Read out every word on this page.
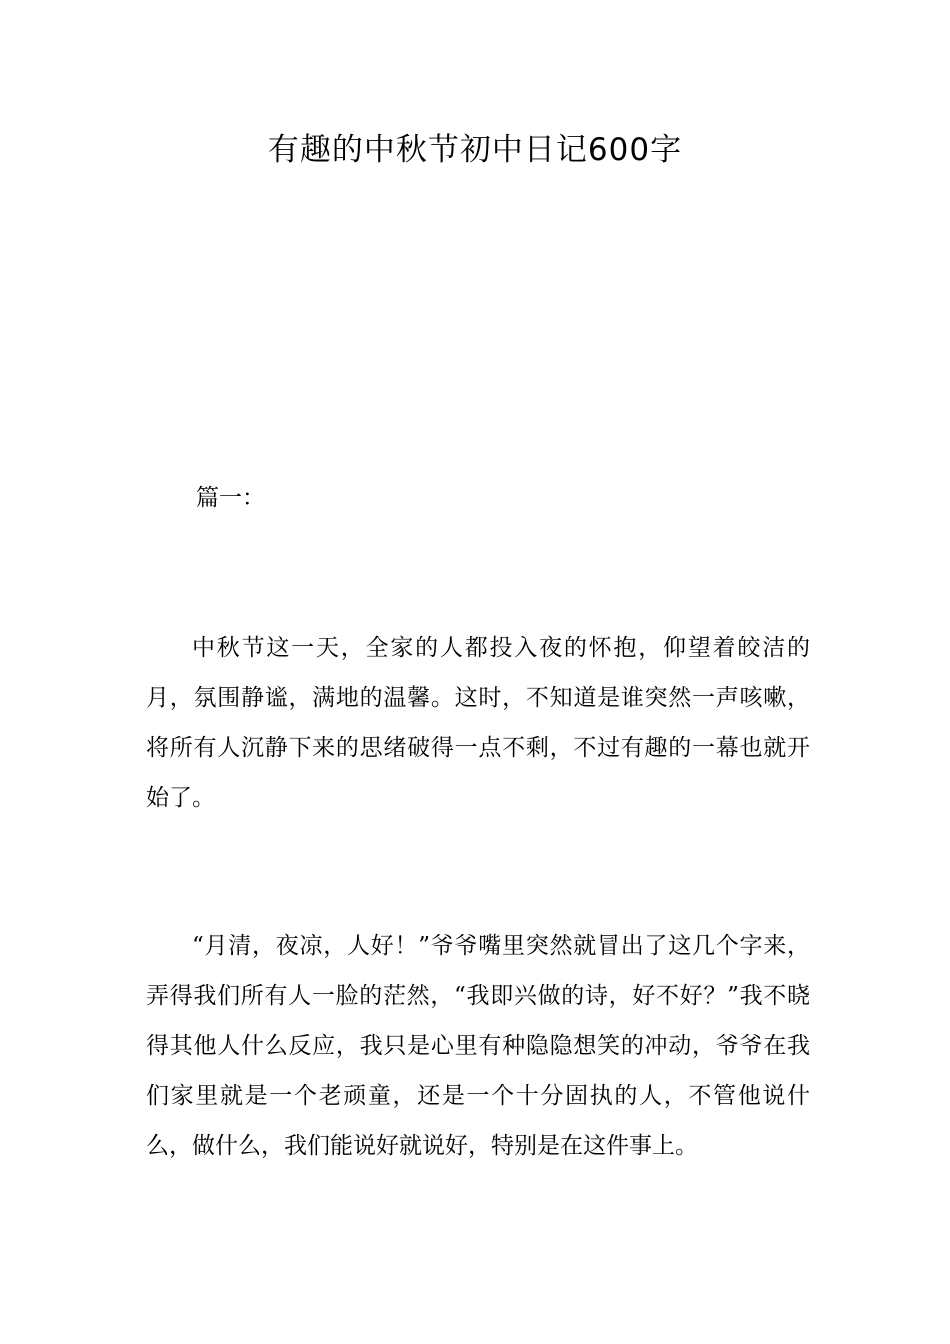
有趣的中秋节初中日记600字

篇一：

中秋节这一天，全家的人都投入夜的怀抱，仰望着皎洁的月，氛围静谧，满地的温馨。这时，不知道是谁突然一声咳嗽，将所有人沉静下来的思绪破得一点不剩，不过有趣的一幕也就开始了。

“月清，夜凉，人好！”爷爷嘴里突然就冒出了这几个字来，弄得我们所有人一脸的茫然，“我即兴做的诗，好不好？”我不晓得其他人什么反应，我只是心里有种隐隐想笑的冲动，爷爷在我们家里就是一个老顽童，还是一个十分固执的人，不管他说什么，做什么，我们能说好就说好，特别是在这件事上。
